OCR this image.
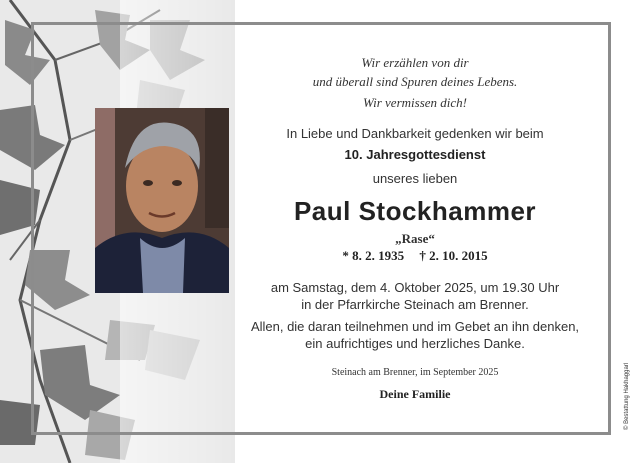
Wir erzählen von dir
und überall sind Spuren deines Lebens.
Wir vermissen dich!
In Liebe und Dankbarkeit gedenken wir beim
10. Jahresgottesdienst
unseres lieben
Paul Stockhammer
„Rase“
* 8. 2. 1935 † 2. 10. 2015
am Samstag, dem 4. Oktober 2025, um 19.30 Uhr
in der Pfarrkirche Steinach am Brenner.
Allen, die daran teilnehmen und im Gebet an ihn denken,
ein aufrichtiges und herzliches Danke.
Steinach am Brenner, im September 2025
Deine Familie	© Bestattung Hakhaggarl
